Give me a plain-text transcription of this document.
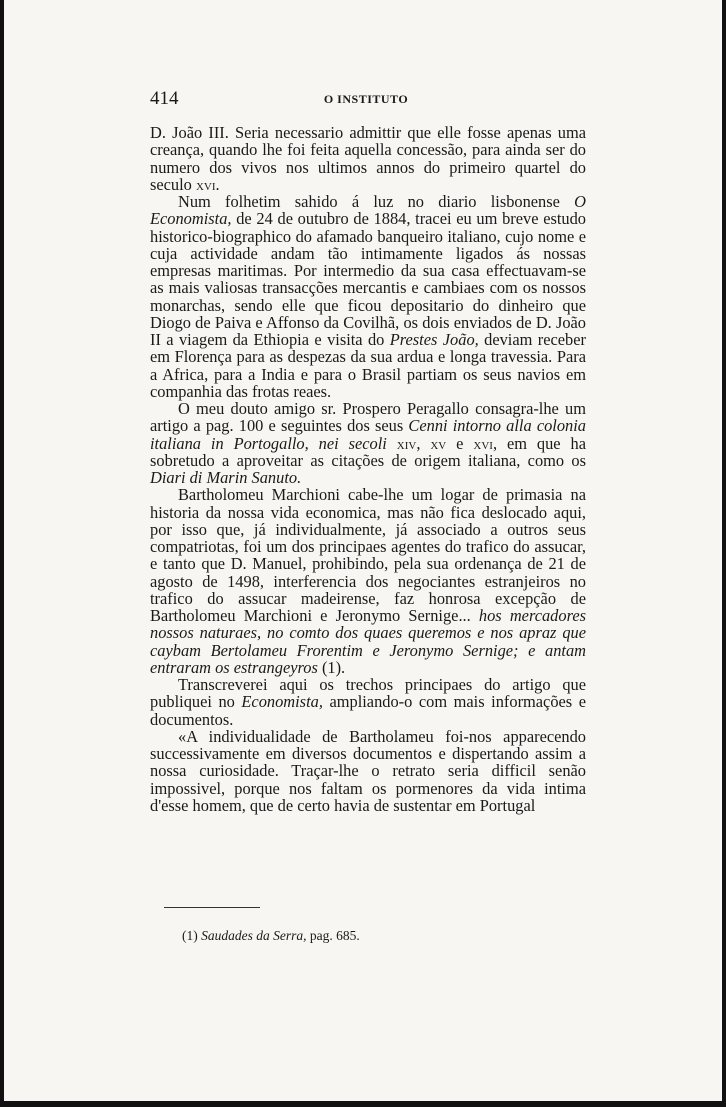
414	O INSTITUTO

D. João III. Seria necessario admittir que elle fosse apenas uma creança, quando lhe foi feita aquella concessão, para ainda ser do numero dos vivos nos ultimos annos do primeiro quartel do seculo xvi.

Num folhetim sahido á luz no diario lisbonense O Economista, de 24 de outubro de 1884, tracei eu um breve estudo historico-biographico do afamado banqueiro italiano, cujo nome e cuja actividade andam tão intimamente ligados ás nossas empresas maritimas. Por intermedio da sua casa effectuavam-se as mais valiosas transacções mercantis e cambiaes com os nossos monarchas, sendo elle que ficou depositario do dinheiro que Diogo de Paiva e Affonso da Covilhã, os dois enviados de D. João II a viagem da Ethiopia e visita do Prestes João, deviam receber em Florença para as despezas da sua ardua e longa travessia. Para a Africa, para a India e para o Brasil partiam os seus navios em companhia das frotas reaes.

O meu douto amigo sr. Prospero Peragallo consagra-lhe um artigo a pag. 100 e seguintes dos seus Cenni intorno alla colonia italiana in Portogallo, nei secoli xiv, xv e xvi, em que ha sobretudo a aproveitar as citações de origem italiana, como os Diari di Marin Sanuto.

Bartholomeu Marchioni cabe-lhe um logar de primasia na historia da nossa vida economica, mas não fica deslocado aqui, por isso que, já individualmente, já associado a outros seus compatriotas, foi um dos principaes agentes do trafico do assucar, e tanto que D. Manuel, prohibindo, pela sua ordenança de 21 de agosto de 1498, interferencia dos negociantes estranjeiros no trafico do assucar madeirense, faz honrosa excepção de Bartholomeu Marchioni e Jeronymo Sernige... hos mercadores nossos naturaes, no comto dos quaes queremos e nos apraz que caybam Bertolameu Frorentim e Jeronymo Sernige; e antam entraram os estrangeyros (1).

Transcreverei aqui os trechos principaes do artigo que publiquei no Economista, ampliando-o com mais informações e documentos.

«A individualidade de Bartholameu foi-nos apparecendo successivamente em diversos documentos e dispertando assim a nossa curiosidade. Traçar-lhe o retrato seria difficil senão impossivel, porque nos faltam os pormenores da vida intima d'esse homem, que de certo havia de sustentar em Portugal

(1) Saudades da Serra, pag. 685.
